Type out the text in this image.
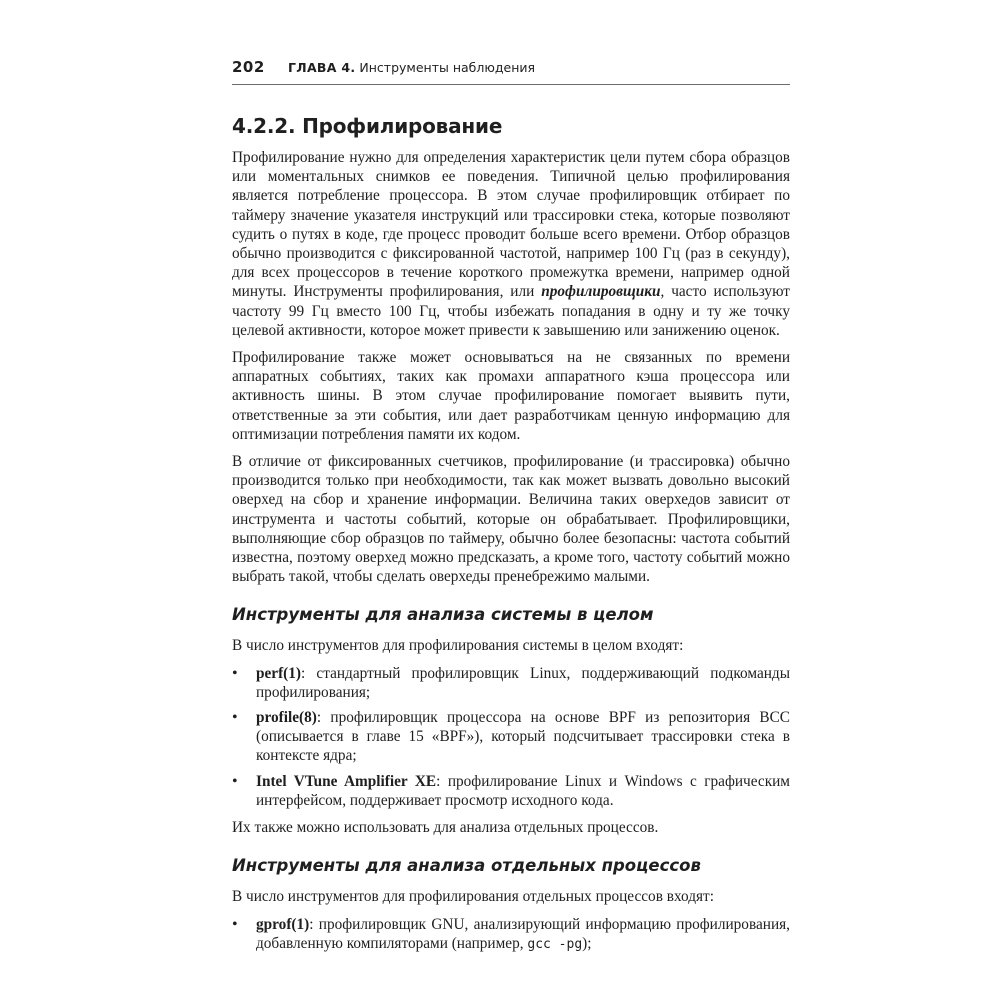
202 ГЛАВА 4. Инструменты наблюдения
4.2.2. Профилирование

Профилирование нужно для определения характеристик цели путем сбора образцов или моментальных снимков ее поведения. Типичной целью профилирования является потребление процессора. В этом случае профилировщик отбирает по таймеру значение указателя инструкций или трассировки стека, которые позволяют судить о путях в коде, где процесс проводит больше всего времени. Отбор образцов обычно производится с фиксированной частотой, например 100 Гц (раз в секунду), для всех процессоров в течение короткого промежутка времени, например одной минуты. Инструменты профилирования, или профилировщики, часто используют частоту 99 Гц вместо 100 Гц, чтобы избежать попадания в одну и ту же точку целевой активности, которое может привести к завышению или занижению оценок.

Профилирование также может основываться на не связанных по времени аппаратных событиях, таких как промахи аппаратного кэша процессора или активность шины. В этом случае профилирование помогает выявить пути, ответственные за эти события, или дает разработчикам ценную информацию для оптимизации потребления памяти их кодом.

В отличие от фиксированных счетчиков, профилирование (и трассировка) обычно производится только при необходимости, так как может вызвать довольно высокий оверхед на сбор и хранение информации. Величина таких оверхедов зависит от инструмента и частоты событий, которые он обрабатывает. Профилировщики, выполняющие сбор образцов по таймеру, обычно более безопасны: частота событий известна, поэтому оверхед можно предсказать, а кроме того, частоту событий можно выбрать такой, чтобы сделать оверхеды пренебрежимо малыми.

Инструменты для анализа системы в целом

В число инструментов для профилирования системы в целом входят:

• perf(1): стандартный профилировщик Linux, поддерживающий подкоманды профилирования;
• profile(8): профилировщик процессора на основе BPF из репозитория BCC (описывается в главе 15 «BPF»), который подсчитывает трассировки стека в контексте ядра;
• Intel VTune Amplifier XE: профилирование Linux и Windows с графическим интерфейсом, поддерживает просмотр исходного кода.

Их также можно использовать для анализа отдельных процессов.

Инструменты для анализа отдельных процессов

В число инструментов для профилирования отдельных процессов входят:

• gprof(1): профилировщик GNU, анализирующий информацию профилирования, добавленную компиляторами (например, gcc -pg);
